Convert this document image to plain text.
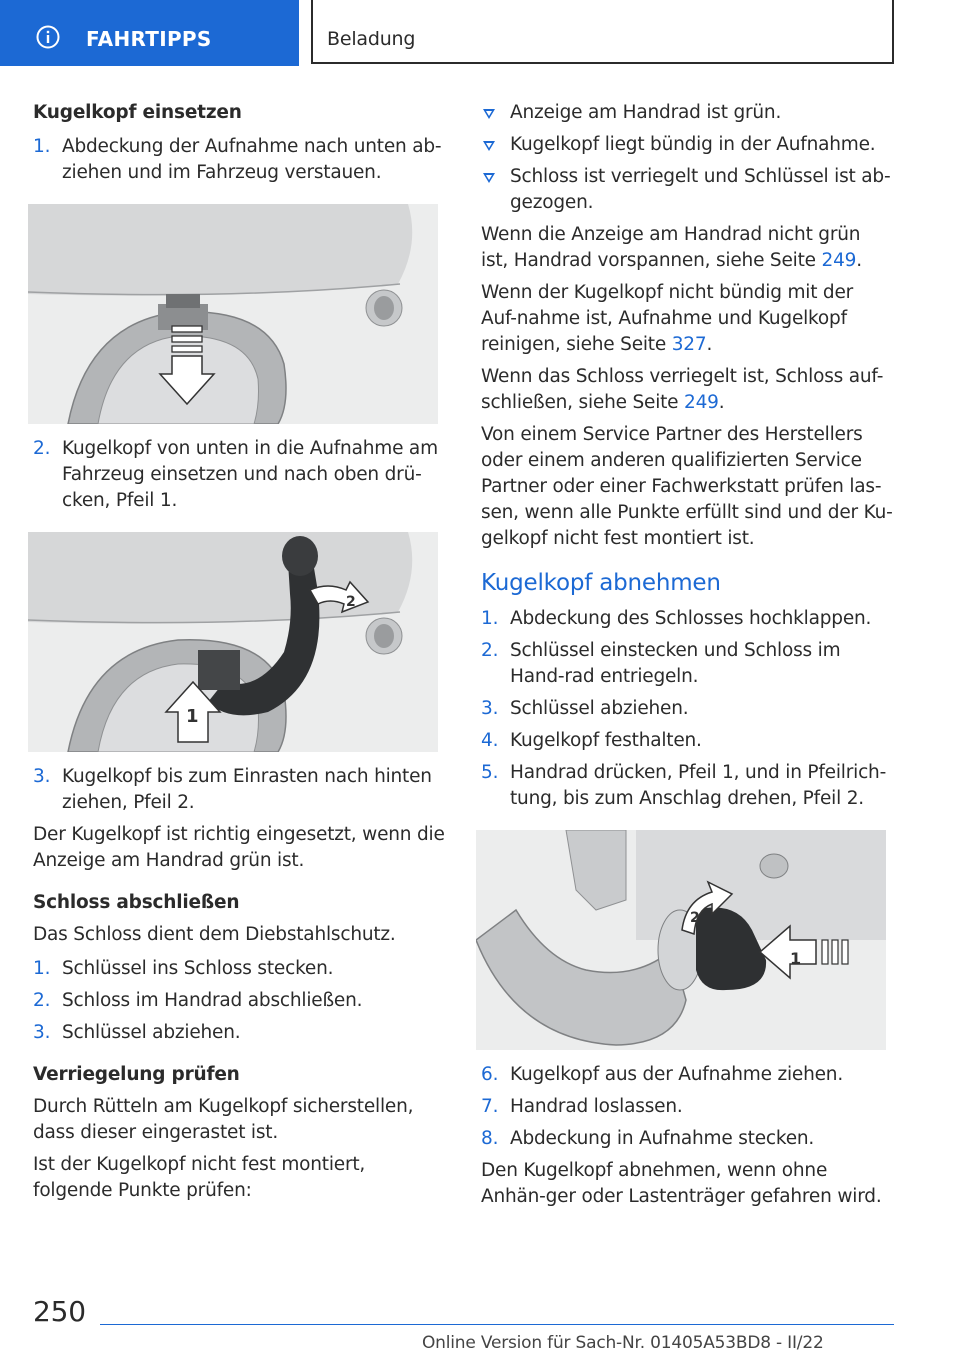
FAHRTIPPS	Beladung
Kugelkopf einsetzen
1. Abdeckung der Aufnahme nach unten ab-ziehen und im Fahrzeug verstauen.
2. Kugelkopf von unten in die Aufnahme am Fahrzeug einsetzen und nach oben drü-cken, Pfeil 1.
1
2
3. Kugelkopf bis zum Einrasten nach hinten ziehen, Pfeil 2.

Der Kugelkopf ist richtig eingesetzt, wenn die Anzeige am Handrad grün ist.

Schloss abschließen

Das Schloss dient dem Diebstahlschutz.

1. Schlüssel ins Schloss stecken.
2. Schloss im Handrad abschließen.
3. Schlüssel abziehen.
Verriegelung prüfen

Durch Rütteln am Kugelkopf sicherstellen, dass dieser eingerastet ist.

Ist der Kugelkopf nicht fest montiert, folgende Punkte prüfen:

Anzeige am Handrad ist grün.
Kugelkopf liegt bündig in der Aufnahme.
Schloss ist verriegelt und Schlüssel ist ab-gezogen.

Wenn die Anzeige am Handrad nicht grün ist, Handrad vorspannen, siehe Seite 249.

Wenn der Kugelkopf nicht bündig mit der Auf-nahme ist, Aufnahme und Kugelkopf reinigen, siehe Seite 327.

Wenn das Schloss verriegelt ist, Schloss auf-schließen, siehe Seite 249.

Von einem Service Partner des Herstellers oder einem anderen qualifizierten Service Partner oder einer Fachwerkstatt prüfen las-sen, wenn alle Punkte erfüllt sind und der Ku-gelkopf nicht fest montiert ist.

Kugelkopf abnehmen
1. Abdeckung des Schlosses hochklappen.
2. Schlüssel einstecken und Schloss im Hand-rad entriegeln.
3. Schlüssel abziehen.
4. Kugelkopf festhalten.
5. Handrad drücken, Pfeil 1, und in Pfeilrich-tung, bis zum Anschlag drehen, Pfeil 2.
1
2
6. Kugelkopf aus der Aufnahme ziehen.
7. Handrad loslassen.
8. Abdeckung in Aufnahme stecken.

Den Kugelkopf abnehmen, wenn ohne Anhän-ger oder Lastenträger gefahren wird.

250
Online Version für Sach-Nr. 01405A53BD8 - II/22
